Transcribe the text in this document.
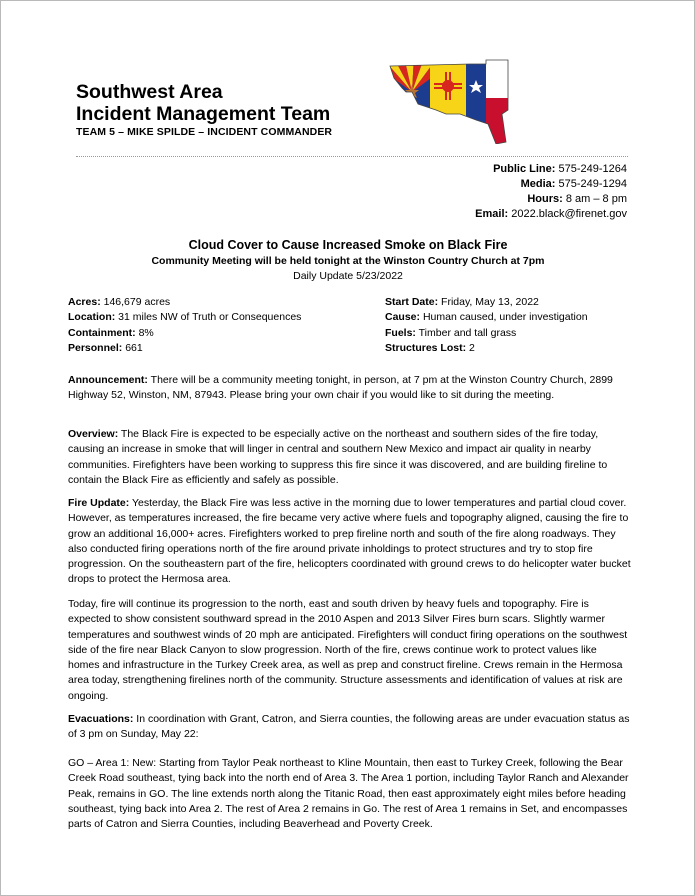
Southwest Area
Incident Management Team
TEAM 5 – MIKE SPILDE – INCIDENT COMMANDER
Public Line: 575-249-1264
Media: 575-249-1294
Hours: 8 am – 8 pm
Email: 2022.black@firenet.gov
Cloud Cover to Cause Increased Smoke on Black Fire
Community Meeting will be held tonight at the Winston Country Church at 7pm
Daily Update 5/23/2022
Acres: 146,679 acres
Location: 31 miles NW of Truth or Consequences
Containment: 8%
Personnel: 661
Start Date: Friday, May 13, 2022
Cause: Human caused, under investigation
Fuels: Timber and tall grass
Structures Lost: 2
Announcement: There will be a community meeting tonight, in person, at 7 pm at the Winston Country Church, 2899 Highway 52, Winston, NM, 87943. Please bring your own chair if you would like to sit during the meeting.
Overview: The Black Fire is expected to be especially active on the northeast and southern sides of the fire today, causing an increase in smoke that will linger in central and southern New Mexico and impact air quality in nearby communities. Firefighters have been working to suppress this fire since it was discovered, and are building fireline to contain the Black Fire as efficiently and safely as possible.
Fire Update: Yesterday, the Black Fire was less active in the morning due to lower temperatures and partial cloud cover. However, as temperatures increased, the fire became very active where fuels and topography aligned, causing the fire to grow an additional 16,000+ acres. Firefighters worked to prep fireline north and south of the fire along roadways. They also conducted firing operations north of the fire around private inholdings to protect structures and try to stop fire progression. On the southeastern part of the fire, helicopters coordinated with ground crews to do helicopter water bucket drops to protect the Hermosa area.
Today, fire will continue its progression to the north, east and south driven by heavy fuels and topography. Fire is expected to show consistent southward spread in the 2010 Aspen and 2013 Silver Fires burn scars. Slightly warmer temperatures and southwest winds of 20 mph are anticipated. Firefighters will conduct firing operations on the southwest side of the fire near Black Canyon to slow progression. North of the fire, crews continue work to protect values like homes and infrastructure in the Turkey Creek area, as well as prep and construct fireline. Crews remain in the Hermosa area today, strengthening firelines north of the community. Structure assessments and identification of values at risk are ongoing.
Evacuations: In coordination with Grant, Catron, and Sierra counties, the following areas are under evacuation status as of 3 pm on Sunday, May 22:
GO – Area 1: New: Starting from Taylor Peak northeast to Kline Mountain, then east to Turkey Creek, following the Bear Creek Road southeast, tying back into the north end of Area 3. The Area 1 portion, including Taylor Ranch and Alexander Peak, remains in GO. The line extends north along the Titanic Road, then east approximately eight miles before heading southeast, tying back into Area 2. The rest of Area 2 remains in Go. The rest of Area 1 remains in Set, and encompasses parts of Catron and Sierra Counties, including Beaverhead and Poverty Creek.
